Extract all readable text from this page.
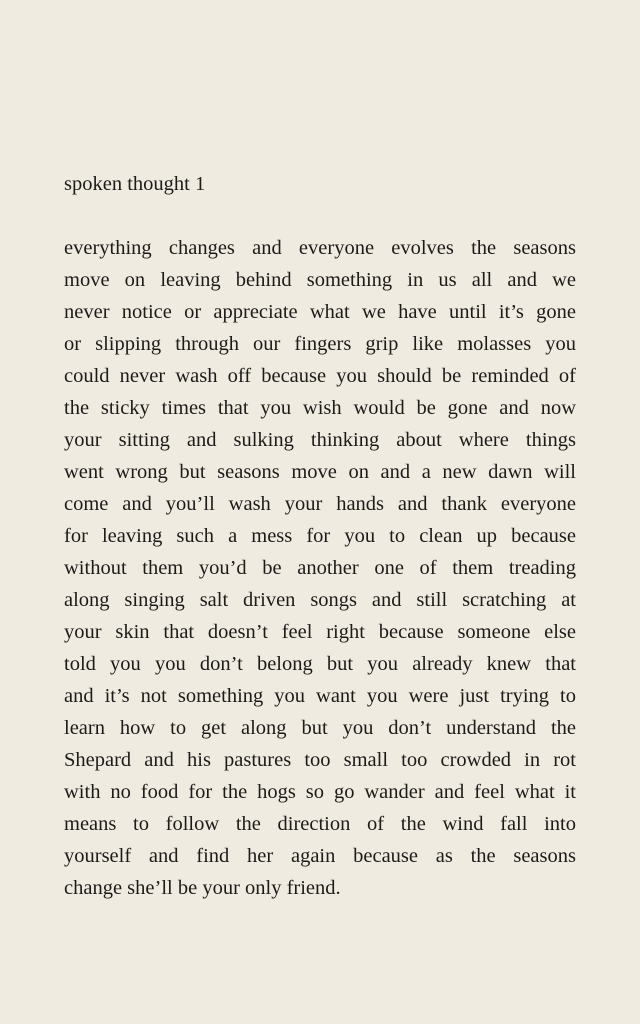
spoken thought 1
everything changes and everyone evolves the seasons
move on leaving behind something in us all and we
never notice or appreciate what we have until it’s gone
or slipping through our fingers grip like molasses you
could never wash off because you should be reminded of
the sticky times that you wish would be gone and now
your sitting and sulking thinking about where things
went wrong but seasons move on and a new dawn will
come and you’ll wash your hands and thank everyone
for leaving such a mess for you to clean up because
without them you’d be another one of them treading
along singing salt driven songs and still scratching at
your skin that doesn’t feel right because someone else
told you you don’t belong but you already knew that
and it’s not something you want you were just trying to
learn how to get along but you don’t understand the
Shepard and his pastures too small too crowded in rot
with no food for the hogs so go wander and feel what it
means to follow the direction of the wind fall into
yourself and find her again because as the seasons
change she’ll be your only friend.
